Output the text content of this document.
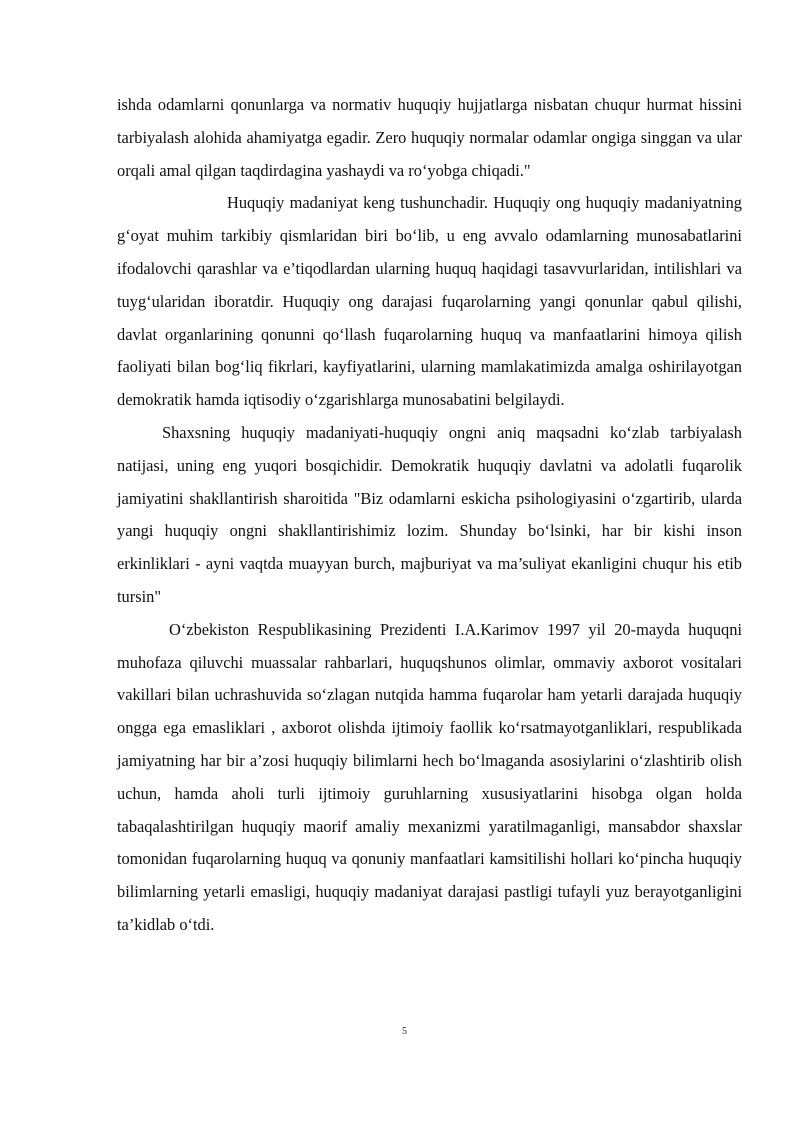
ishda odamlarni qonunlarga va normativ huquqiy hujjatlarga nisbatan chuqur hurmat hissini tarbiyalash alohida ahamiyatga egadir. Zero huquqiy normalar odamlar ongiga singgan va ular orqali amal qilgan taqdirdagina yashaydi va ro‘yobga chiqadi."

Huquqiy madaniyat keng tushunchadir. Huquqiy ong huquqiy madaniyatning g‘oyat muhim tarkibiy qismlaridan biri bo‘lib, u eng avvalo odamlarning munosabatlarini ifodalovchi qarashlar va e’tiqodlardan ularning huquq haqidagi tasavvurlaridan, intilishlari va tuyg‘ularidan iboratdir. Huquqiy ong darajasi fuqarolarning yangi qonunlar qabul qilishi, davlat organlarining qonunni qo‘llash fuqarolarning huquq va manfaatlarini himoya qilish faoliyati bilan bog‘liq fikrlari, kayfiyatlarini, ularning mamlakatimizda amalga oshirilayotgan demokratik hamda iqtisodiy o‘zgarishlarga munosabatini belgilaydi.

Shaxsning huquqiy madaniyati-huquqiy ongni aniq maqsadni ko‘zlab tarbiyalash natijasi, uning eng yuqori bosqichidir. Demokratik huquqiy davlatni va adolatli fuqarolik jamiyatini shakllantirish sharoitida "Biz odamlarni eskicha psihologiyasini o‘zgartirib, ularda yangi huquqiy ongni shakllantirishimiz lozim. Shunday bo‘lsinki, har bir kishi inson erkinliklari - ayni vaqtda muayyan burch, majburiyat va ma’suliyat ekanligini chuqur his etib tursin"

O‘zbekiston Respublikasining Prezidenti I.A.Karimov 1997 yil 20-mayda huquqni muhofaza qiluvchi muassalar rahbarlari, huquqshunos olimlar, ommaviy axborot vositalari vakillari bilan uchrashuvida so‘zlagan nutqida hamma fuqarolar ham yetarli darajada huquqiy ongga ega emasliklari , axborot olishda ijtimoiy faollik ko‘rsatmayotganliklari, respublikada jamiyatning har bir a’zosi huquqiy bilimlarni hech bo‘lmaganda asosiylarini o‘zlashtirib olish uchun, hamda aholi turli ijtimoiy guruhlarning xususiyatlarini hisobga olgan holda tabaqalashtirilgan huquqiy maorif amaliy mexanizmi yaratilmaganligi, mansabdor shaxslar tomonidan fuqarolarning huquq va qonuniy manfaatlari kamsitilishi hollari ko‘pincha huquqiy bilimlarning yetarli emasligi, huquqiy madaniyat darajasi pastligi tufayli yuz berayotganligini ta’kidlab o‘tdi.

5
